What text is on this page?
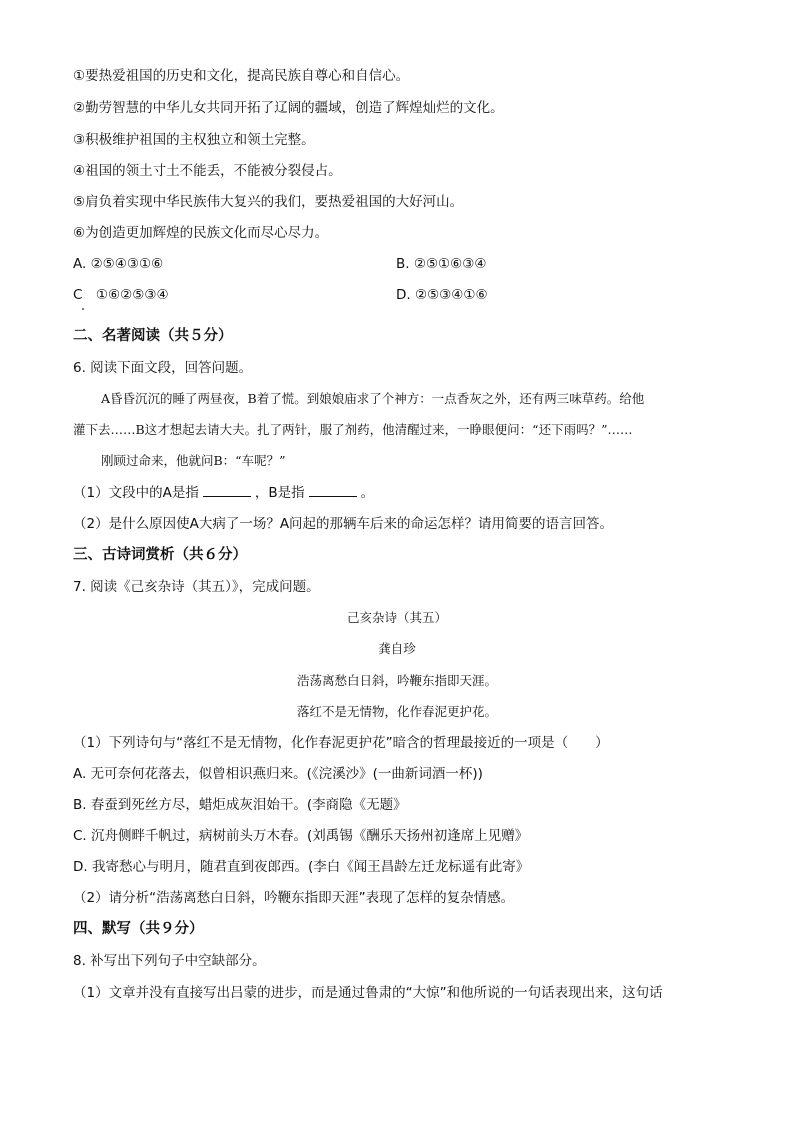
①要热爱祖国的历史和文化，提高民族自尊心和自信心。
②勤劳智慧的中华儿女共同开拓了辽阔的疆域，创造了辉煌灿烂的文化。
③积极维护祖国的主权独立和领土完整。
④祖国的领土寸土不能丢，不能被分裂侵占。
⑤肩负着实现中华民族伟大复兴的我们，要热爱祖国的大好河山。
⑥为创造更加辉煌的民族文化而尽心尽力。
A. ②⑤④③①⑥	B. ②⑤①⑥③④
C　①⑥②⑤③④	D. ②⑤③④①⑥
二、名著阅读（共５分）
6. 阅读下面文段，回答问题。
A昏昏沉沉的睡了两昼夜，B着了慌。到娘娘庙求了个神方：一点香灰之外，还有两三味草药。给他
灌下去……B这才想起去请大夫。扎了两针，服了剂药，他清醒过来，一睁眼便问：“还下雨吗？”……
刚顾过命来，他就问B：“车呢？”
（1）文段中的A是指	，B是指	。
（2）是什么原因使A大病了一场？A问起的那辆车后来的命运怎样？请用简要的语言回答。
三、古诗词赏析（共６分）
7. 阅读《己亥杂诗（其五）》，完成问题。
己亥杂诗（其五）
龚自珍
浩荡离愁白日斜，吟鞭东指即天涯。
落红不是无情物，化作春泥更护花。
（1）下列诗句与“落红不是无情物，化作春泥更护花”暗含的哲理最接近的一项是（　　）
A. 无可奈何花落去，似曾相识燕归来。(《浣溪沙》(一曲新词酒一杯))
B. 春蚕到死丝方尽，蜡炬成灰泪始干。(李商隐《无题》
C. 沉舟侧畔千帆过，病树前头万木春。(刘禹锡《酬乐天扬州初逢席上见赠》
D. 我寄愁心与明月，随君直到夜郎西。(李白《闻王昌龄左迁龙标遥有此寄》
（2）请分析“浩荡离愁白日斜，吟鞭东指即天涯”表现了怎样的复杂情感。
四、默写（共９分）
8. 补写出下列句子中空缺部分。
（1）文章并没有直接写出吕蒙的进步，而是通过鲁肃的“大惊”和他所说的一句话表现出来，这句话
